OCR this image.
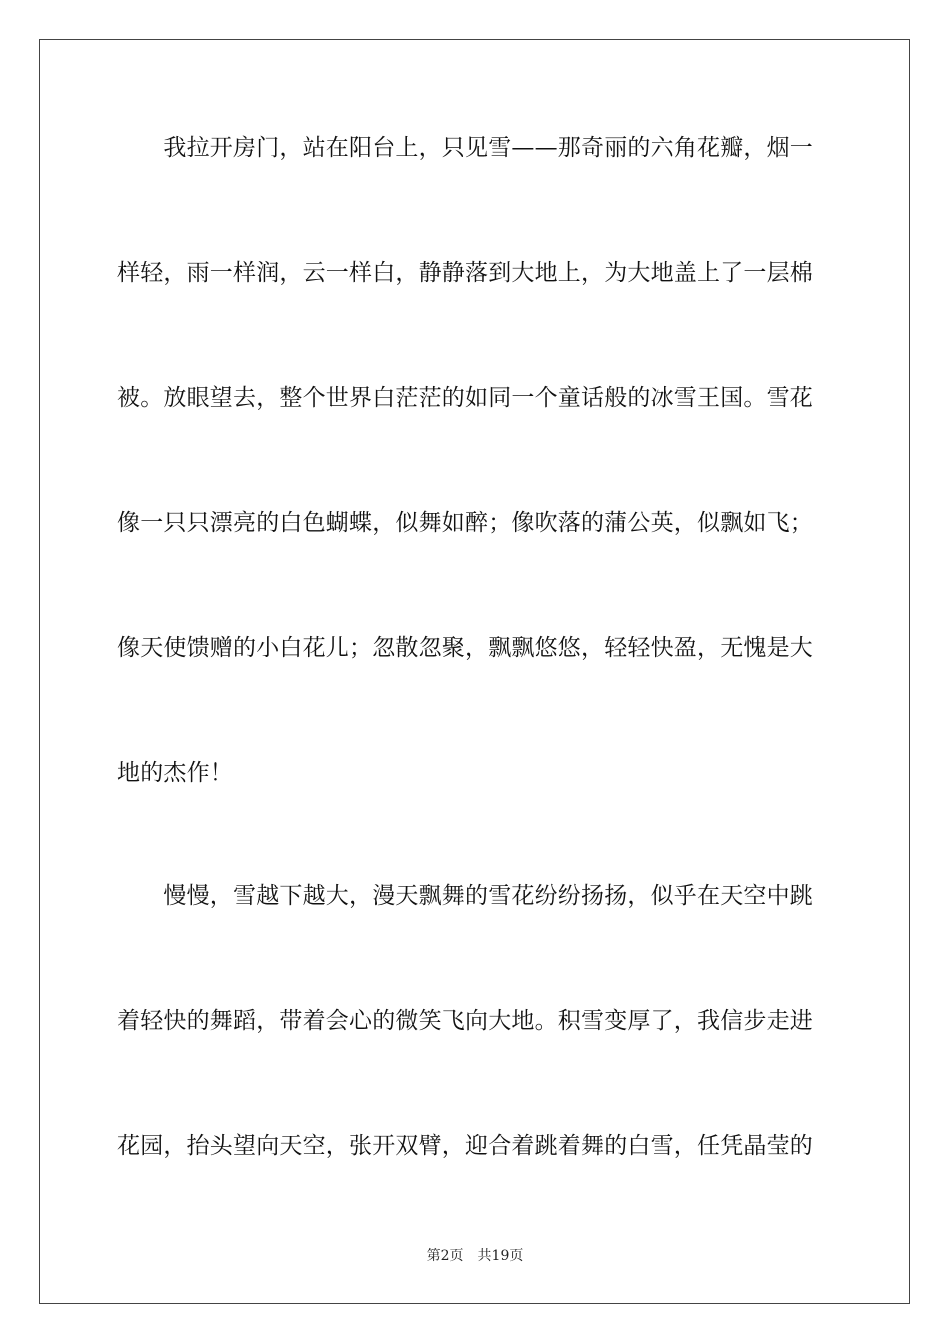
　　我拉开房门，站在阳台上，只见雪——那奇丽的六角花瓣，烟一
样轻，雨一样润，云一样白，静静落到大地上，为大地盖上了一层棉
被。放眼望去，整个世界白茫茫的如同一个童话般的冰雪王国。雪花
像一只只漂亮的白色蝴蝶，似舞如醉；像吹落的蒲公英，似飘如飞；
像天使馈赠的小白花儿；忽散忽聚，飘飘悠悠，轻轻快盈，无愧是大
地的杰作！
　　慢慢，雪越下越大，漫天飘舞的雪花纷纷扬扬，似乎在天空中跳
着轻快的舞蹈，带着会心的微笑飞向大地。积雪变厚了，我信步走进
花园，抬头望向天空，张开双臂，迎合着跳着舞的白雪，任凭晶莹的
第2页　共19页
